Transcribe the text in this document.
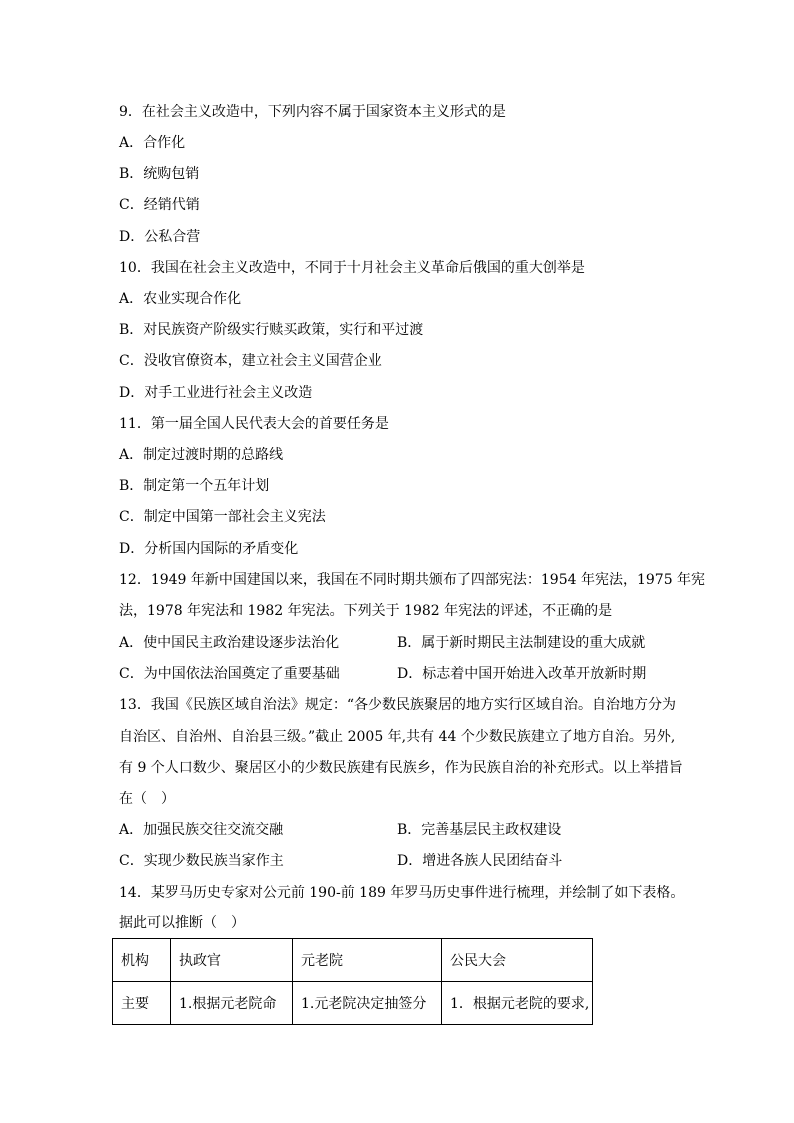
9．在社会主义改造中，下列内容不属于国家资本主义形式的是
A．合作化
B．统购包销
C．经销代销
D．公私合营
10．我国在社会主义改造中，不同于十月社会主义革命后俄国的重大创举是
A．农业实现合作化
B．对民族资产阶级实行赎买政策，实行和平过渡
C．没收官僚资本，建立社会主义国营企业
D．对手工业进行社会主义改造
11．第一届全国人民代表大会的首要任务是
A．制定过渡时期的总路线
B．制定第一个五年计划
C．制定中国第一部社会主义宪法
D．分析国内国际的矛盾变化
12．1949 年新中国建国以来，我国在不同时期共颁布了四部宪法：1954 年宪法，1975 年宪
法，1978 年宪法和 1982 年宪法。下列关于 1982 年宪法的评述，不正确的是
A．使中国民主政治建设逐步法治化	B．属于新时期民主法制建设的重大成就
C．为中国依法治国奠定了重要基础	D．标志着中国开始进入改革开放新时期
13．我国《民族区域自治法》规定：“各少数民族聚居的地方实行区域自治。自治地方分为
自治区、自治州、自治县三级。”截止 2005 年,共有 44 个少数民族建立了地方自治。另外,
有 9 个人口数少、聚居区小的少数民族建有民族乡，作为民族自治的补充形式。以上举措旨
在（　）
A．加强民族交往交流交融	B．完善基层民主政权建设
C．实现少数民族当家作主	D．增进各族人民团结奋斗
14．某罗马历史专家对公元前 190-前 189 年罗马历史事件进行梳理，并绘制了如下表格。
据此可以推断（　）
机构	执政官	元老院	公民大会
主要	1.根据元老院命	1.元老院决定抽签分	1．根据元老院的要求,
